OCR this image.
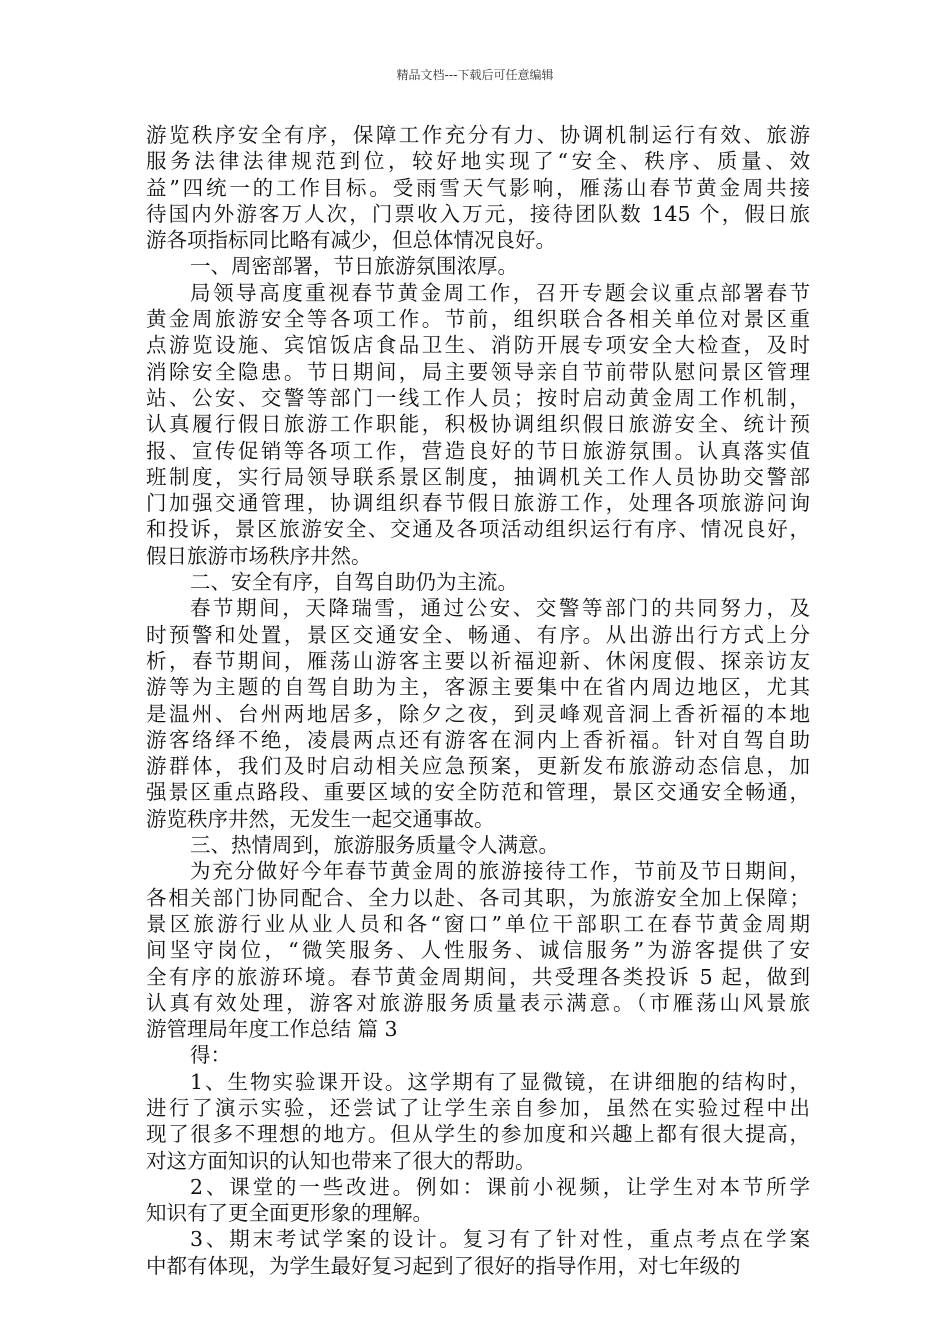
精品文档---下载后可任意编辑
游览秩序安全有序，保障工作充分有力、协调机制运行有效、旅游
服务法律法律规范到位，较好地实现了“安全、秩序、质量、效
益”四统一的工作目标。受雨雪天气影响，雁荡山春节黄金周共接
待国内外游客万人次，门票收入万元，接待团队数 145 个，假日旅
游各项指标同比略有减少，但总体情况良好。
一、周密部署，节日旅游氛围浓厚。
局领导高度重视春节黄金周工作，召开专题会议重点部署春节
黄金周旅游安全等各项工作。节前，组织联合各相关单位对景区重
点游览设施、宾馆饭店食品卫生、消防开展专项安全大检查，及时
消除安全隐患。节日期间，局主要领导亲自节前带队慰问景区管理
站、公安、交警等部门一线工作人员；按时启动黄金周工作机制，
认真履行假日旅游工作职能，积极协调组织假日旅游安全、统计预
报、宣传促销等各项工作，营造良好的节日旅游氛围。认真落实值
班制度，实行局领导联系景区制度，抽调机关工作人员协助交警部
门加强交通管理，协调组织春节假日旅游工作，处理各项旅游问询
和投诉，景区旅游安全、交通及各项活动组织运行有序、情况良好，
假日旅游市场秩序井然。
二、安全有序，自驾自助仍为主流。
春节期间，天降瑞雪，通过公安、交警等部门的共同努力，及
时预警和处置，景区交通安全、畅通、有序。从出游出行方式上分
析，春节期间，雁荡山游客主要以祈福迎新、休闲度假、探亲访友
游等为主题的自驾自助为主，客源主要集中在省内周边地区，尤其
是温州、台州两地居多，除夕之夜，到灵峰观音洞上香祈福的本地
游客络绎不绝，凌晨两点还有游客在洞内上香祈福。针对自驾自助
游群体，我们及时启动相关应急预案，更新发布旅游动态信息，加
强景区重点路段、重要区域的安全防范和管理，景区交通安全畅通，
游览秩序井然，无发生一起交通事故。
三、热情周到，旅游服务质量令人满意。
为充分做好今年春节黄金周的旅游接待工作，节前及节日期间，
各相关部门协同配合、全力以赴、各司其职，为旅游安全加上保障；
景区旅游行业从业人员和各“窗口”单位干部职工在春节黄金周期
间坚守岗位，“微笑服务、人性服务、诚信服务”为游客提供了安
全有序的旅游环境。春节黄金周期间，共受理各类投诉 5 起，做到
认真有效处理，游客对旅游服务质量表示满意。（市雁荡山风景旅
游管理局年度工作总结 篇 3
得：
1、生物实验课开设。这学期有了显微镜，在讲细胞的结构时，
进行了演示实验，还尝试了让学生亲自参加，虽然在实验过程中出
现了很多不理想的地方。但从学生的参加度和兴趣上都有很大提高，
对这方面知识的认知也带来了很大的帮助。
2、课堂的一些改进。例如：课前小视频，让学生对本节所学
知识有了更全面更形象的理解。
3、期末考试学案的设计。复习有了针对性，重点考点在学案
中都有体现，为学生最好复习起到了很好的指导作用，对七年级的
